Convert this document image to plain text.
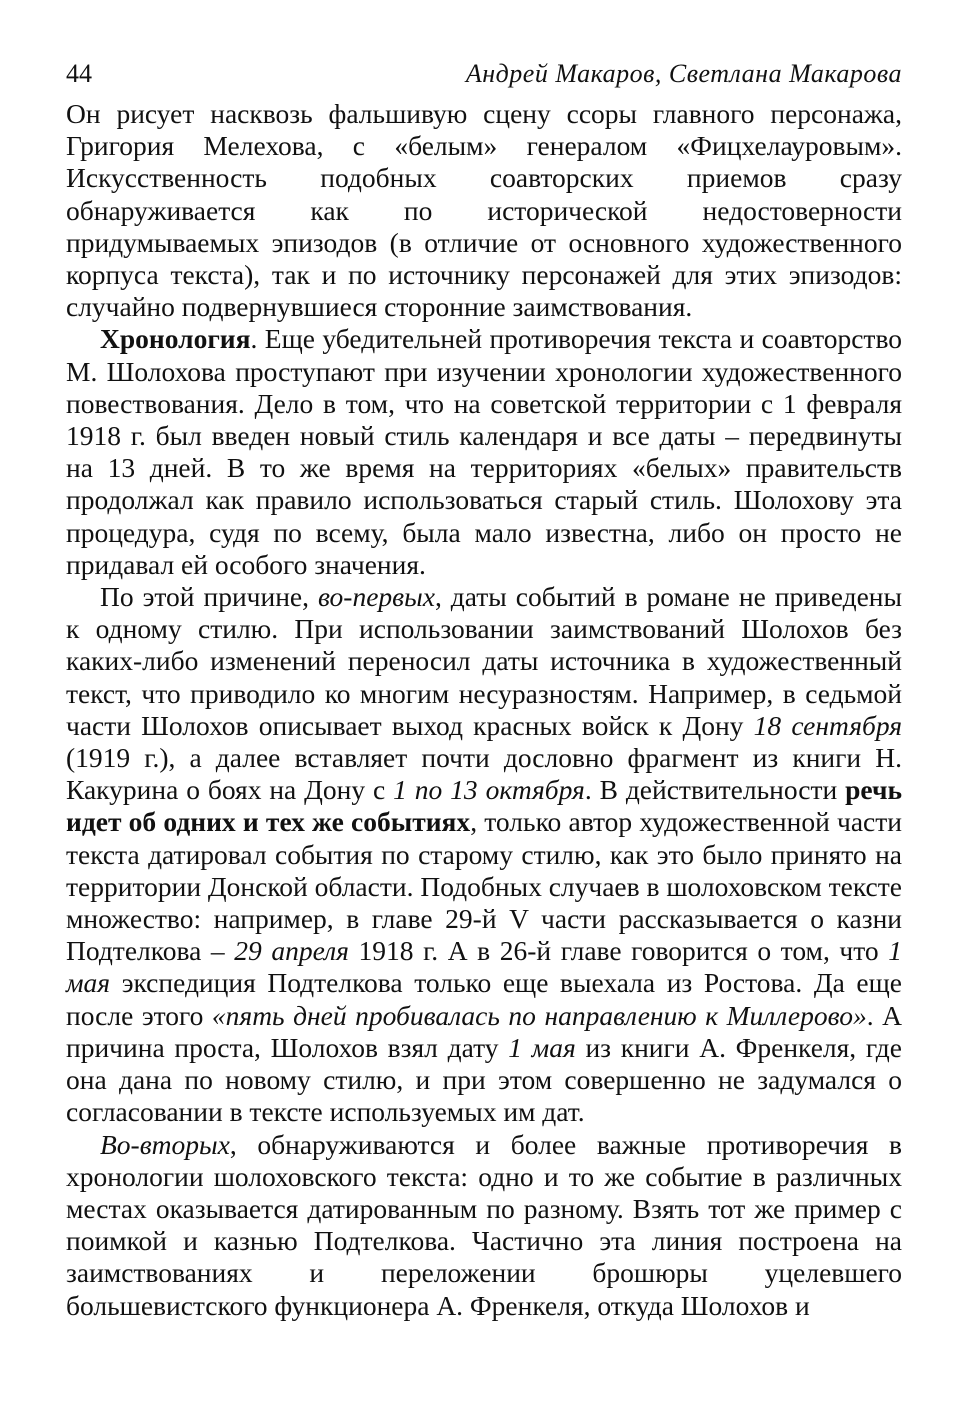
44	Андрей Макаров, Светлана Макарова

Он рисует насквозь фальшивую сцену ссоры главного персонажа, Григория Мелехова, с «белым» генералом «Фицхелауровым». Искусственность подобных соавторских приемов сразу обнаруживается как по исторической недостоверности придумываемых эпизодов (в отличие от основного художественного корпуса текста), так и по источнику персонажей для этих эпизодов: случайно подвернувшиеся сторонние заимствования.

Хронология. Еще убедительней противоречия текста и соавторство М. Шолохова проступают при изучении хронологии художественного повествования. Дело в том, что на советской территории с 1 февраля 1918 г. был введен новый стиль календаря и все даты – передвинуты на 13 дней. В то же время на территориях «белых» правительств продолжал как правило использоваться старый стиль. Шолохову эта процедура, судя по всему, была мало известна, либо он просто не придавал ей особого значения.

По этой причине, во-первых, даты событий в романе не приведены к одному стилю. При использовании заимствований Шолохов без каких-либо изменений переносил даты источника в художественный текст, что приводило ко многим несуразностям. Например, в седьмой части Шолохов описывает выход красных войск к Дону 18 сентября (1919 г.), а далее вставляет почти дословно фрагмент из книги Н. Какурина о боях на Дону с 1 по 13 октября. В действительности речь идет об одних и тех же событиях, только автор художественной части текста датировал события по старому стилю, как это было принято на территории Донской области. Подобных случаев в шолоховском тексте множество: например, в главе 29-й V части рассказывается о казни Подтелкова – 29 апреля 1918 г. А в 26-й главе говорится о том, что 1 мая экспедиция Подтелкова только еще выехала из Ростова. Да еще после этого «пять дней пробивалась по направлению к Миллерово». А причина проста, Шолохов взял дату 1 мая из книги А. Френкеля, где она дана по новому стилю, и при этом совершенно не задумался о согласовании в тексте используемых им дат.

Во-вторых, обнаруживаются и более важные противоречия в хронологии шолоховского текста: одно и то же событие в различных местах оказывается датированным по разному. Взять тот же пример с поимкой и казнью Подтелкова. Частично эта линия построена на заимствованиях и переложении брошюры уцелевшего большевистского функционера А. Френкеля, откуда Шолохов и
